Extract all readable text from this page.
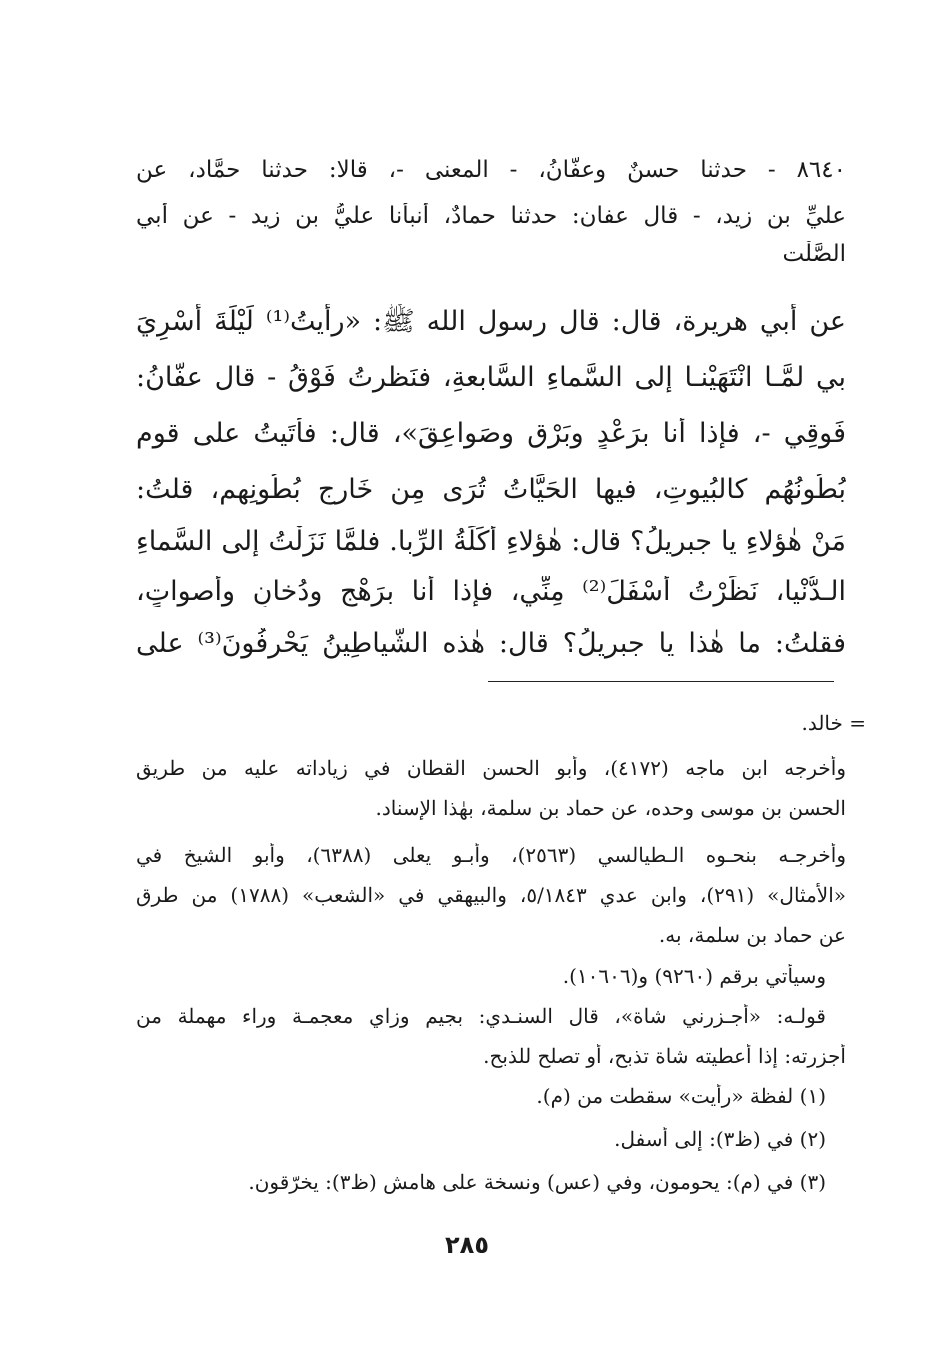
٨٦٤٠ - حدثنا حسنٌ وعفَّانُ، - المعنى -، قالا: حدثنا حمَّاد، عن
عليِّ بن زيد، - قال عفان: حدثنا حمادٌ، أنبأنا عليُّ بن زيد - عن أبي
الصَّلْت
عن أبي هريرة، قال: قال رسول الله ﷺ: «رأيتُ⁽¹⁾ لَيْلَةَ أُسْرِيَ
بي لمَّـا انْتَهَيْنـا إلى السَّماءِ السَّابعةِ، فنَظرتُ فَوْقُ - قال عفَّانُ:
فَوقِي -، فإذا أنا برَعْدٍ وبَرْقٍ وصَواعِقَ»، قال: فأتَيتُ على قوم
بُطُونُهُم كالبُيوتِ، فيها الحَيَّاتُ تُرَى مِن خَارِجِ بُطُونِهم، قلتُ:
مَنْ هٰؤلاءِ يا جبريلُ؟ قال: هٰؤلاءِ أَكَلَةُ الرِّبا. فلمَّا نَزَلْتُ إلى السَّماءِ
الـدُّنْيا، نَظَرْتُ أَسْفَلَ⁽²⁾ مِنِّي، فإذا أنا برَهْجٍ ودُخانٍ وأَصواتٍ،
فقلتُ: ما هٰذا يا جبريلُ؟ قال: هٰذه الشَّياطِينُ يَحْرِفُونَ⁽³⁾ على
= خالد.
وأخرجه ابن ماجه (٤١٧٢)، وأبو الحسن القطان في زياداته عليه من طريق
الحسن بن موسى وحده، عن حماد بن سلمة، بهٰذا الإسناد.
وأخرجـه بنحـوه الـطيالسي (٢٥٦٣)، وأبـو يعلى (٦٣٨٨)، وأبو الشيخ في
«الأمثال» (٢٩١)، وابن عدي ٥/١٨٤٣، والبيهقي في «الشعب» (١٧٨٨) من طرق
عن حماد بن سلمة، به.
وسيأتي برقم (٩٢٦٠) و(١٠٦٠٦).
قولـه: «أجـزرني شاة»، قال السنـدي: بجيم وزاي معجمـة وراء مهملة من
أجزرته: إذا أعطيته شاة تذبح، أو تصلح للذبح.
(١) لفظة «رأيت» سقطت من (م).
(٢) في (ظ٣): إلى أسفل.
(٣) في (م): يحومون، وفي (عس) ونسخة على هامش (ظ٣): يخرّقون.
٢٨٥
